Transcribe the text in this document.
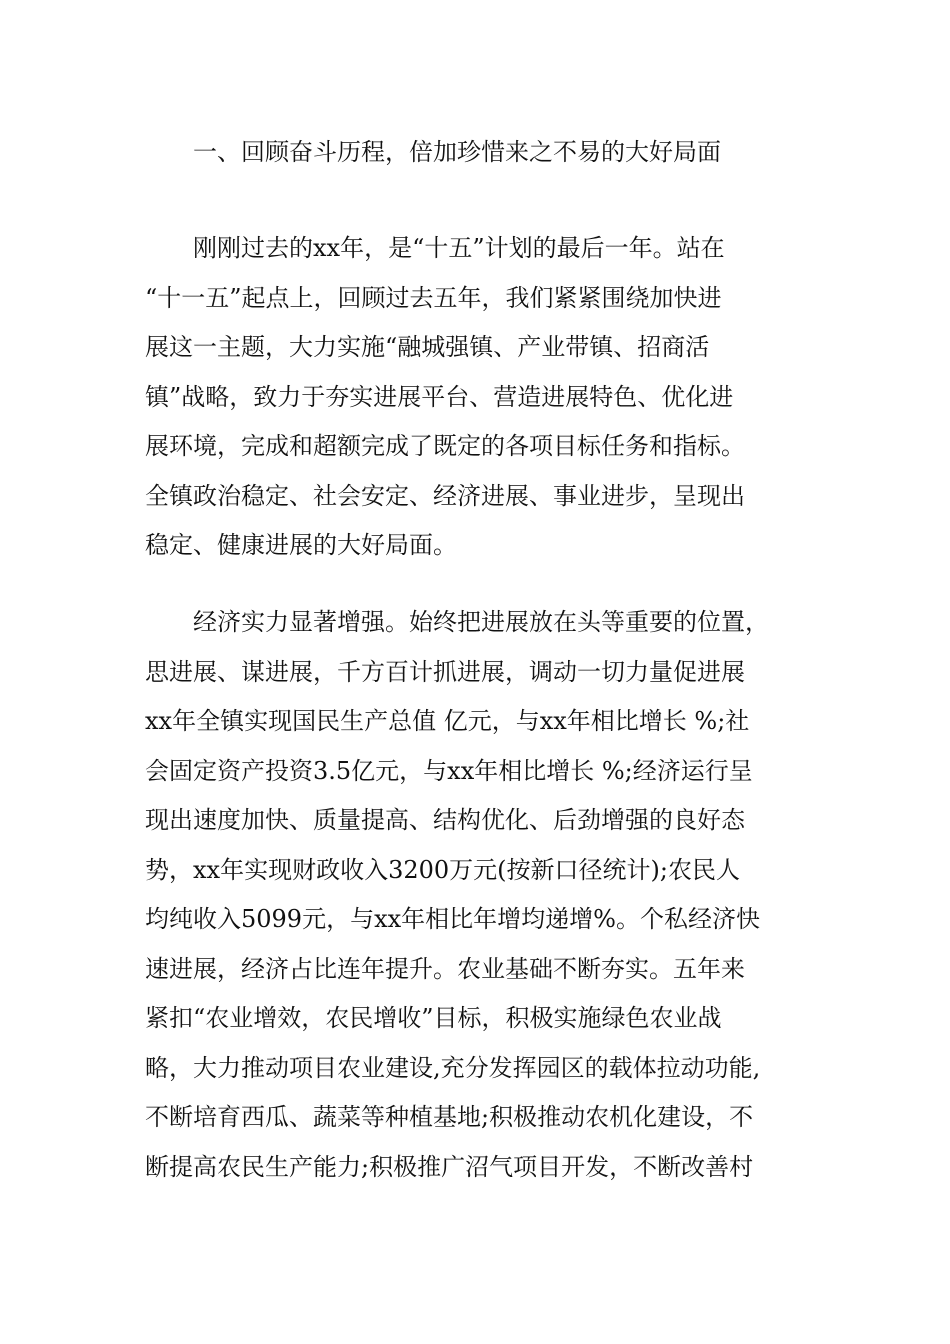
一、回顾奋斗历程，倍加珍惜来之不易的大好局面
刚刚过去的xx年，是“十五”计划的最后一年。站在
“十一五”起点上，回顾过去五年，我们紧紧围绕加快进
展这一主题，大力实施“融城强镇、产业带镇、招商活
镇”战略，致力于夯实进展平台、营造进展特色、优化进
展环境，完成和超额完成了既定的各项目标任务和指标。
全镇政治稳定、社会安定、经济进展、事业进步，呈现出
稳定、健康进展的大好局面。
经济实力显著增强。始终把进展放在头等重要的位置，
思进展、谋进展，千方百计抓进展，调动一切力量促进展
xx年全镇实现国民生产总值 亿元，与xx年相比增长 %;社
会固定资产投资3.5亿元，与xx年相比增长 %;经济运行呈
现出速度加快、质量提高、结构优化、后劲增强的良好态
势，xx年实现财政收入3200万元(按新口径统计);农民人
均纯收入5099元，与xx年相比年增均递增%。个私经济快
速进展，经济占比连年提升。农业基础不断夯实。五年来
紧扣“农业增效，农民增收”目标，积极实施绿色农业战
略，大力推动项目农业建设,充分发挥园区的载体拉动功能,
不断培育西瓜、蔬菜等种植基地;积极推动农机化建设，不
断提高农民生产能力;积极推广沼气项目开发，不断改善村
